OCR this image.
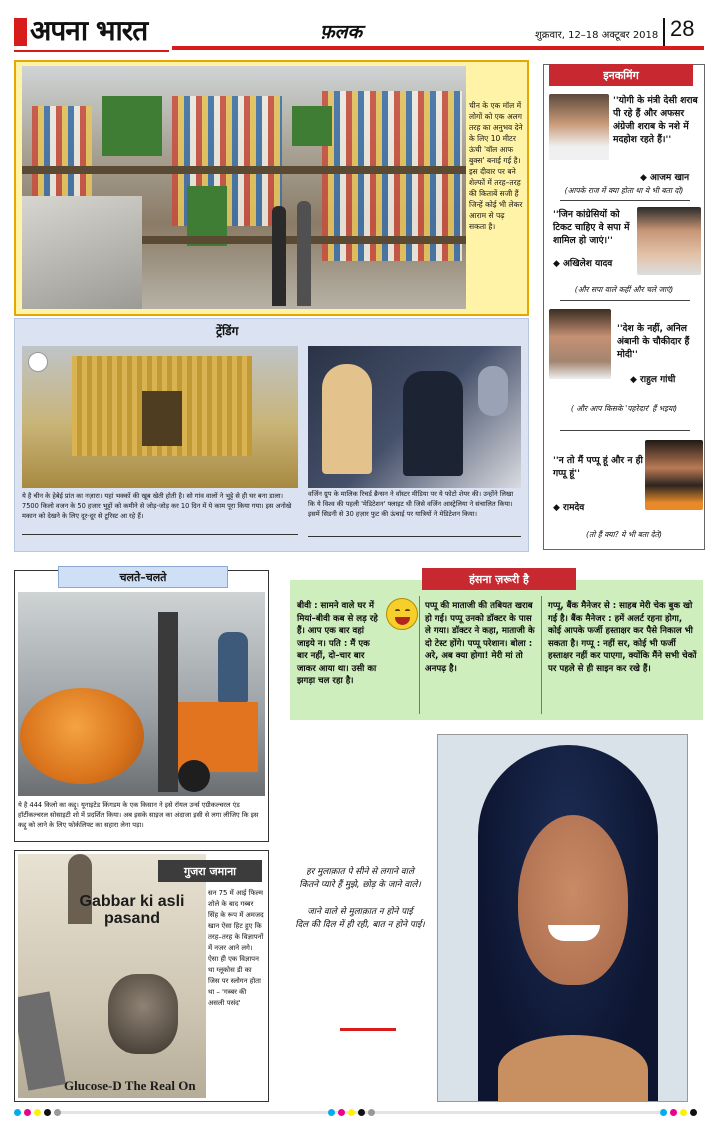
अपना भारत	फ़लक	शुक्रवार, 12–18 अक्टूबर 2018 28
चीन के एक मॉल में लोगों को एक अलग तरह का अनुभव देने के लिए 10 मीटर ऊंची 'वॉल आफ बुक्स' बनाई गई है। इस दीवार पर बने शेल्फों में तरह–तरह की किताबें सजी हैं जिन्हें कोई भी लेकर आराम से पढ़ सकता है।
ट्रेंडिंग
ये है चीन के हेबेई प्रांत का नज़ारा। यहां भक्कों की खूब खेती होती है। सो गांव वालों ने भुट्टे से ही घर बना डाला। 7500 किलो वजन के 50 हजार भुट्टों को कमीने से जोड़-जोड़ कर 10 दिन में ये काम पूरा किया गया। इस अनोखे मकान को देखने के लिए दूर-दूर से टूरिस्ट आ रहे हैं।
वर्जिन ग्रुप के मालिक रिचर्ड ब्रैन्सन ने वॉस्टर मीडिया पर ये फोटो शेयर की। उन्होंने लिखा कि ये विश्व की पहली 'मेडिटेशन' फ्लाइट थी जिसे वर्जिन आस्ट्रेलिया ने संचालित किया। इसमें सिडनी से 30 हज़ार फुट की ऊंचाई पर यात्रियों ने मेडिटेशन किया।
इनकमिंग
''योगी के मंत्री देसी शराब पी रहे हैं और अफसर अंग्रेजी शराब के नशे में मदहोश रहते हैं।''
◆ आजम खान
(आपके राज में क्या होता था ये भी बता दो)
''जिन कांग्रेसियों को टिकट चाहिए वे सपा में शामिल हो जाएं।''
◆ अखिलेश यादव
(और सपा वाले कहीं और चले जाएं)
''देश के नहीं, अनिल अंबानी के चौकीदार हैं मोदी''
◆ राहुल गांधी
( और आप किसके 'पहरेदार' हैं भइया)
''न तो मैं पप्पू हूं और न ही गप्पू हूं''
◆ रामदेव
(तो हैं क्या? ये भी बता देते)
चलते–चलते
ये है 444 किलो का कद्दू। यूनाइटेड किंगडम के एक किसान ने इसे रॉयल उर्न्स एग्रीकल्चरल एंड हॉर्टीकल्चरल सोसाइटी शो में प्रदर्शित किया। अब इसके साइज का अंदाजा इसी से लगा लीजिए कि इस कद्दू को लाने के लिए फोर्कलिफ्ट का सहारा लेना पड़ा।
हंसना ज़रूरी है
बीवी : सामने वाले घर में मियां–बीवी कब से लड़ रहे हैं। आप एक बार वहां जाइये न। पति : मैं एक बार नहीं, दो–चार बार जाकर आया था। उसी का झगड़ा चल रहा है।
पप्पू की माताजी की तबियत खराब हो गई। पप्पू उनको डॉक्टर के पास ले गया। डॉक्टर ने कहा, माताजी के दो टेस्ट होंगे। पप्पू परेशान। बोला : अरे, अब क्या होगा! मेरी मां तो अनपढ़ है।
गप्पू, बैंक मैनेजर से : साहब मेरी चेक बुक खो गई है। बैंक मैनेजर : हमें अलर्ट रहना होगा, कोई आपके फर्जी हस्ताक्षर कर पैसे निकाल भी सकता है। गप्पू : नहीं सर, कोई भी फर्जी हस्ताक्षर नहीं कर पाएगा, क्योंकि मैंने सभी चेकों पर पहले से ही साइन कर रखे हैं।
Gabbar ki asli pasand
Glucose-D The Real On
गुजरा जमाना
सन 75 में आई फिल्म शोले के बाद गब्बर सिंह के रूप में अमजद खान ऐसा हिट हुए कि तरह–तरह के विज्ञापनों में नजर आने लगे। ऐसा ही एक विज्ञापन था ग्लूकोस डी का जिस पर स्लोगन होता था – 'गब्बर की असली पसंद'
हर मुलाक़ात पे सीने से लगाने वाले
कितने प्यारे हैं मुझे, छोड़ के जाने वाले।
जाने वाले से मुलाक़ात न होने पाई
दिल की दिल में ही रही, बात न होने पाई।
